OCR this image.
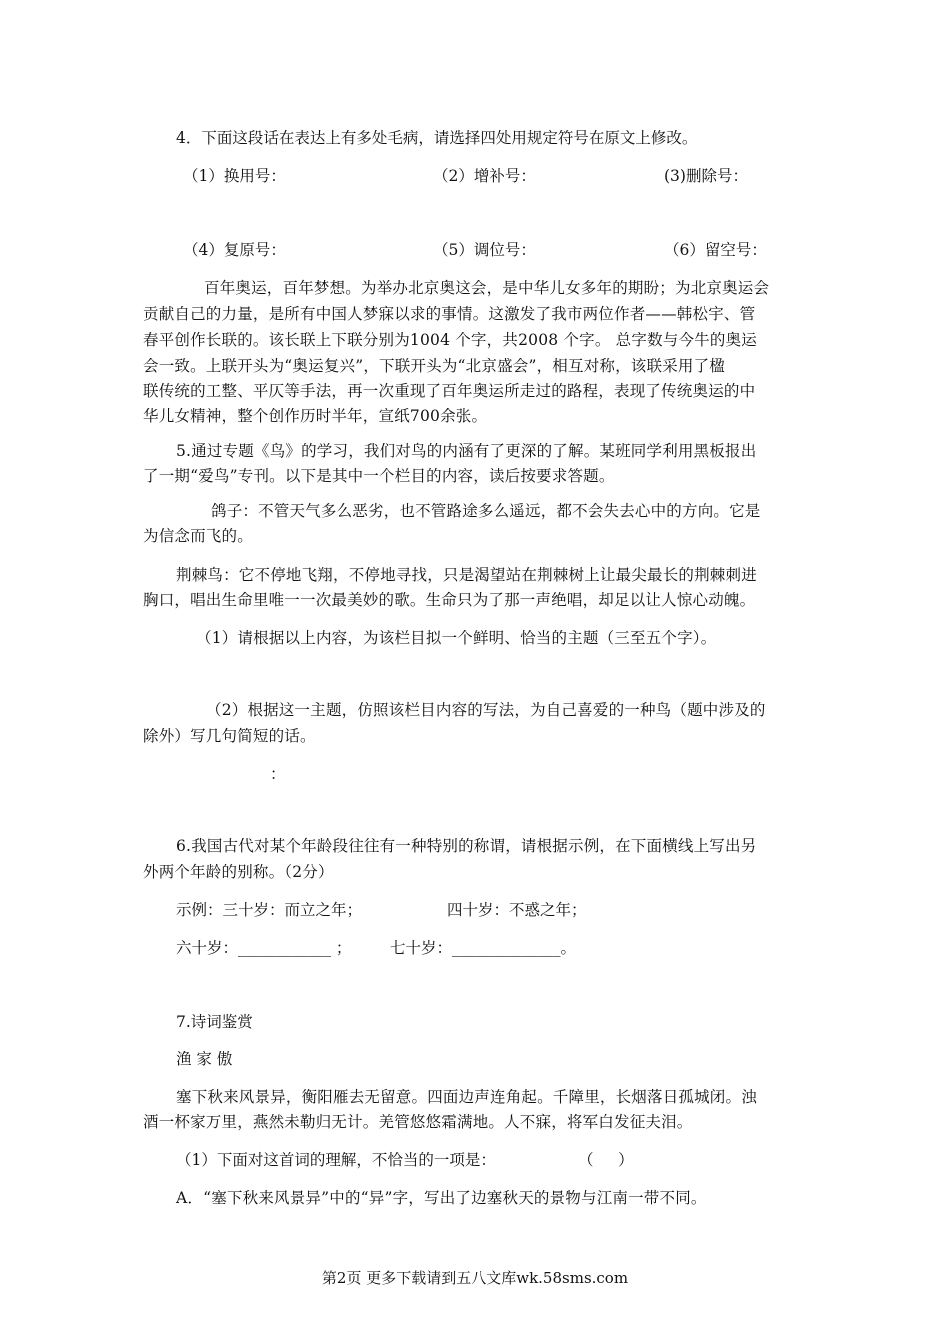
4．下面这段话在表达上有多处毛病，请选择四处用规定符号在原文上修改。

（1）换用号：	（2）增补号：	(3)删除号：
（4）复原号：	（5）调位号：	（6）留空号：

百年奥运，百年梦想。为举办北京奥这会，是中华儿女多年的期盼；为北京奥运会

贡献自己的力量，是所有中国人梦寐以求的事情。这激发了我市两位作者——韩松宇、管

春平创作长联的。该长联上下联分别为1004 个字，共2008 个字。 总字数与今牛的奥运

会一致。上联开头为“奥运复兴”，下联开头为“北京盛会”，相互对称，该联采用了楹

联传统的工整、平仄等手法，再一次重现了百年奥运所走过的路程，表现了传统奥运的中

华儿女精神，整个创作历时半年，宣纸700余张。

5.通过专题《鸟》的学习，我们对鸟的内涵有了更深的了解。某班同学利用黑板报出

了一期“爱鸟”专刊。以下是其中一个栏目的内容，读后按要求答题。

鸽子：不管天气多么恶劣，也不管路途多么遥远，都不会失去心中的方向。它是

为信念而飞的。

荆棘鸟：它不停地飞翔，不停地寻找，只是渴望站在荆棘树上让最尖最长的荆棘刺进

胸口，唱出生命里唯一一次最美妙的歌。生命只为了那一声绝唱，却足以让人惊心动魄。

（1）请根据以上内容，为该栏目拟一个鲜明、恰当的主题（三至五个字）。

（2）根据这一主题，仿照该栏目内容的写法，为自己喜爱的一种鸟（题中涉及的

除外）写几句简短的话。

：

6.我国古代对某个年龄段往往有一种特别的称谓，请根据示例，在下面横线上写出另

外两个年龄的别称。（2分）

示例：三十岁：而立之年；	四十岁：不惑之年；
六十岁：____________ ； 七十岁：______________。

7.诗词鉴赏

渔 家 傲

塞下秋来风景异，衡阳雁去无留意。四面边声连角起。千障里，长烟落日孤城闭。浊

酒一杯家万里，燕然未勒归无计。羌管悠悠霜满地。人不寐，将军白发征夫泪。

（1）下面对这首词的理解，不恰当的一项是：	（     ）

A．“塞下秋来风景异”中的“异”字，写出了边塞秋天的景物与江南一带不同。

第2页 更多下载请到五八文库wk.58sms.com
